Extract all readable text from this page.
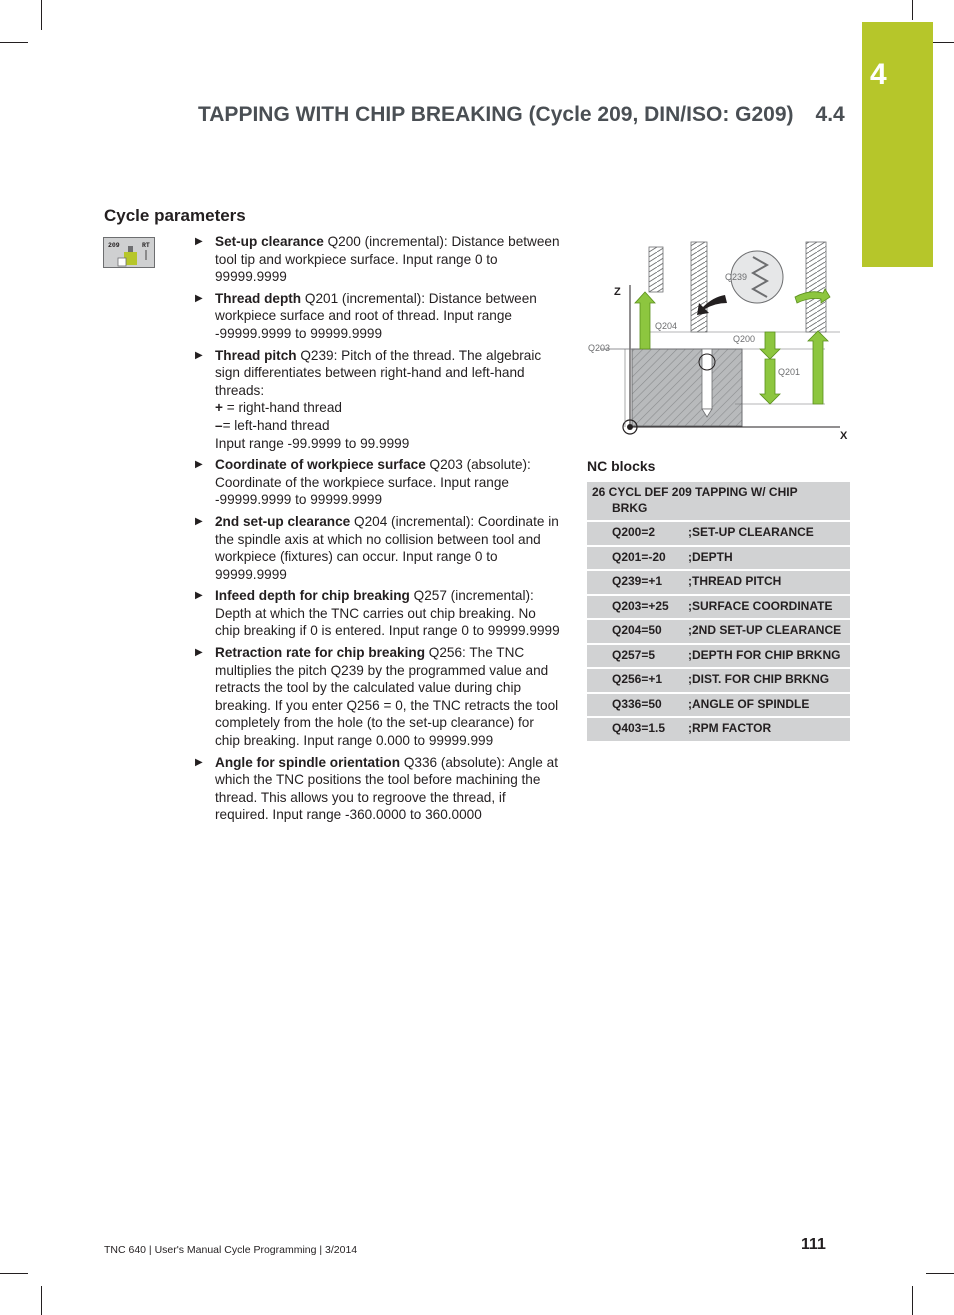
4
TAPPING WITH CHIP BREAKING (Cycle 209, DIN/ISO: G209) 4.4
Cycle parameters
209	RT	▶ Set-up clearance Q200 (incremental): Distance between tool tip and workpiece surface. Input range 0 to 99999.9999
▶ Thread depth Q201 (incremental): Distance between workpiece surface and root of thread. Input range -99999.9999 to 99999.9999
▶ Thread pitch Q239: Pitch of the thread. The algebraic sign differentiates between right-hand and left-hand threads:
+ = right-hand thread
–= left-hand thread
Input range -99.9999 to 99.9999
▶ Coordinate of workpiece surface Q203 (absolute): Coordinate of the workpiece surface. Input range -99999.9999 to 99999.9999
▶ 2nd set-up clearance Q204 (incremental): Coordinate in the spindle axis at which no collision between tool and workpiece (fixtures) can occur. Input range 0 to 99999.9999
▶ Infeed depth for chip breaking Q257 (incremental): Depth at which the TNC carries out chip breaking. No chip breaking if 0 is entered. Input range 0 to 99999.9999
▶ Retraction rate for chip breaking Q256: The TNC multiplies the pitch Q239 by the programmed value and retracts the tool by the calculated value during chip breaking. If you enter Q256 = 0, the TNC retracts the tool completely from the hole (to the set-up clearance) for chip breaking. Input range 0.000 to 99999.999
▶ Angle for spindle orientation Q336 (absolute): Angle at which the TNC positions the tool before machining the thread. This allows you to regroove the thread, if required. Input range -360.0000 to 360.0000
Z
X
Q239
Q204
Q203
Q200
Q201
NC blocks
26 CYCL DEF 209 TAPPING W/ CHIP
BRKG	

Q200=2	;SET-UP CLEARANCE
Q201=-20	;DEPTH
Q239=+1	;THREAD PITCH
Q203=+25	;SURFACE COORDINATE
Q204=50	;2ND SET-UP CLEARANCE
Q257=5	;DEPTH FOR CHIP BRKNG
Q256=+1	;DIST. FOR CHIP BRKNG
Q336=50	;ANGLE OF SPINDLE
Q403=1.5	;RPM FACTOR
TNC 640 | User's Manual Cycle Programming | 3/2014	111
